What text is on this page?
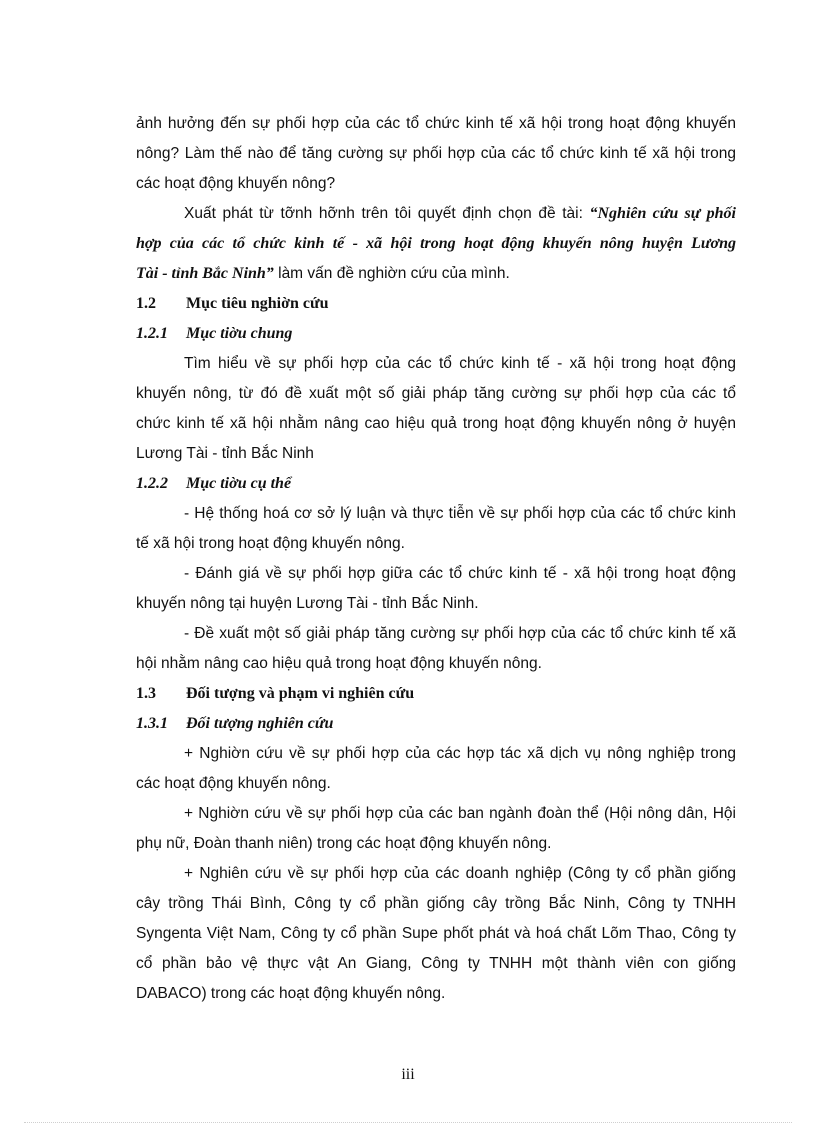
ảnh hưởng đến sự phối hợp của các tổ chức kinh tế xã hội trong hoạt động khuyến
nông? Làm thế nào để tăng cường sự phối hợp của các tổ chức kinh tế xã hội trong
các hoạt động khuyến nông?
Xuất phát từ tỡnh hỡnh trên tôi quyết định chọn đề tài: “Nghiên cứu sự phối
hợp của các tổ chức kinh tế - xã hội trong hoạt động khuyến nông huyện Lương
Tài - tỉnh Bắc Ninh” làm vấn đề nghiờn cứu của mình.
1.2 Mục tiêu nghiờn cứu
1.2.1 Mục tiờu chung
Tìm hiểu về sự phối hợp của các tổ chức kinh tế - xã hội trong hoạt động
khuyến nông, từ đó đề xuất một số giải pháp tăng cường sự phối hợp của các tổ
chức kinh tế xã hội nhằm nâng cao hiệu quả trong hoạt động khuyến nông ở huyện
Lương Tài - tỉnh Bắc Ninh
1.2.2 Mục tiờu cụ thể
- Hệ thống hoá cơ sở lý luận và thực tiễn về sự phối hợp của các tổ chức kinh
tế xã hội trong hoạt động khuyến nông.
- Đánh giá về sự phối hợp giữa các tổ chức kinh tế - xã hội trong hoạt động
khuyến nông tại huyện Lương Tài - tỉnh Bắc Ninh.
- Đề xuất một số giải pháp tăng cường sự phối hợp của các tổ chức kinh tế xã
hội nhằm nâng cao hiệu quả trong hoạt động khuyến nông.
1.3 Đối tượng và phạm vi nghiên cứu
1.3.1 Đối tượng nghiên cứu
+ Nghiờn cứu về sự phối hợp của các hợp tác xã dịch vụ nông nghiệp trong
các hoạt động khuyến nông.
+ Nghiờn cứu về sự phối hợp của các ban ngành đoàn thể (Hội nông dân, Hội
phụ nữ, Đoàn thanh niên) trong các hoạt động khuyến nông.
+ Nghiên cứu về sự phối hợp của các doanh nghiệp (Công ty cổ phần giống
cây trồng Thái Bình, Công ty cổ phần giống cây trồng Bắc Ninh, Công ty TNHH
Syngenta Việt Nam, Công ty cổ phần Supe phốt phát và hoá chất Lõm Thao, Công ty
cổ phần bảo vệ thực vật An Giang, Công ty TNHH một thành viên con giống
DABACO) trong các hoạt động khuyến nông.
iii
